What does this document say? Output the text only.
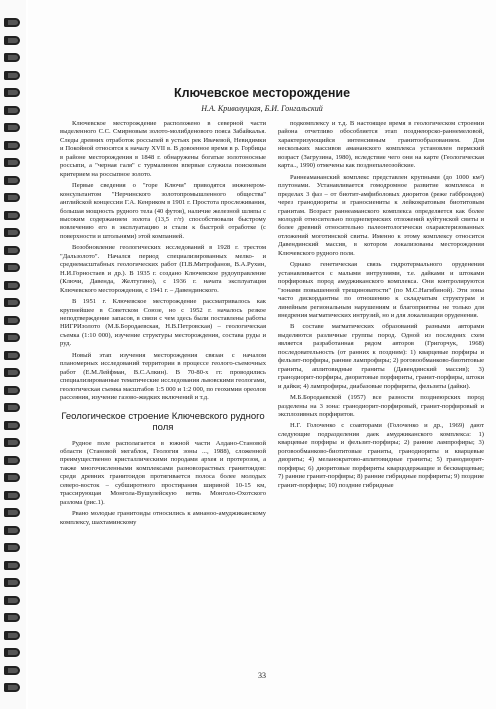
Ключевское месторождение
Н.А. Криволуцкая, Б.И. Гонгальский

Ключевское месторождение расположено в северной части выделенного С.С. Смирновым золото-молибденового пояса Забайкалья. Следы древних отработок россыпей в устьях рек Ивачевой, Невидимки и Покойной относятся к началу XVII в. В довоенное время в р. Горбицы в районе месторождения в 1848 г. обнаружены богатые золотоносные россыпи, а "черная галя" с турмалином впервые служила поисковым критерием на россыпное золото.

Первые сведения о "горе Ключи" приводятся инженером-консультантом "Нерчинского золотопромышленного общества" английской концессии Г.А. Кенриком в 1901 г. Простота прослеживания, большая мощность рудного тела (40 футов), наличие железной шляпы с высоким содержанием золота (13,5 г/т) способствовали быстрому вовлечению его в эксплуатацию и стали к быстрой отработке (с поверхности и штольнями) этой компанией.

Возобновление геологических исследований в 1928 г. трестом "Дальзолото". Начался период специализированных мелко- и среднемасштабных геологических работ (П.В.Митрофанов, В.А.Рухин, Н.И.Горностаев и др.). В 1935 г. создано Ключевское рудоуправление (Ключи, Давенда, Желтугино), с 1936 г. начата эксплуатация Ключевского месторождения, с 1941 г. – Давендинского.

В 1951 г. Ключевское месторождение рассматривалось как крупнейшее в Советском Союзе, но с 1952 г. началось резкое неподтверждение запасов, в связи с чем здесь были поставлены работы НИГРИзолото (М.Б.Бородаевская, Н.В.Петровская) – геологическая съемка (1:10 000), изучение структуры месторождения, состава руды и руд.

Новый этап изучения месторождения связан с началом планомерных исследований территории в процессе геолого-съемочных работ (Е.М.Лейфман, В.С.Алкин). В 70-80-х гг. проводились специализированные тематические исследования львовскими геологами, геологическая съемка масштабов 1:5 000 и 1:2 000, по геохимии ореолов рассеяния, изучение газово-жидких включений и т.д.

Геологическое строение Ключевского рудного поля

Рудное поле располагается в южной части Алдано-Становой области (Становой мегаблок, Геология зоны ..., 1988), сложенной преимущественно кристаллическими породами архея и протерозоя, а также многочисленными комплексами разновозрастных гранитоидов: среди древних гранитоидов протягивается полоса более молодых северо-восток – субширотного простирания шириной 10-15 км, трассирующая Монгола-Вушулейскую ветвь Монголо-Охотского разлома (рис.1).

Рвано молодые гранитоиды относились к амнаноо-амуджиканскому комплексу, шахтаминскому

подкомплексу и т.д. В настоящее время в геологическом строении района отчетливо обособляется этап позднеюрско-раннемеловой, характеризующийся интенсивным гранитообразованием. Для нескольких массивов амананского комплекса установлен пермский возраст (Загрузина, 1980), вследствие чего они на карте (Геологическая карта.., 1990) отмечены как позднепалеозойские.

Раннеамананский комплекс представлен крупными (до 1000 км²) плутонами. Устанавливается гомодромное развитие комплекса в пределах 3 фаз – от биотит-амфиболовых диоритов (реже габброидов) через гранодиориты и граносиениты к лейкократовым биотитовым гранитам. Возраст раннеаманского комплекса определяется как более молодой относительно позднепермских отложений куйтунской свиты и более древний относительно палеонтологически охарактеризованных отложений моготинской свиты. Именно к этому комплексу относится Давендинский массив, в котором локализованы месторождения Ключевского рудного поля.

Однако генетическая связь гидротермального оруденения устанавливается с малыми интрузиями, т.е. дайками и штоками порфировых пород амуджиканского комплекса. Они контролируются "зонами повышенной трещиноватости" (по М.С.Нагибиной). Эти зоны часто дискордантны по отношению к складчатым структурам и линейным региональным нарушениям и благоприятны не только для внедрения магматических интрузий, но и для локализации оруденения.

В составе магматических образований разными авторами выделяются различные группы пород. Одной из последних схем является разработанная рядом авторов (Григорчук, 1968) последовательность (от ранних к поздним): 1) кварцевые порфиры и фельзит-порфиры, ранние лампрофиры; 2) роговообманково-биотитовые граниты, аплитовидные граниты (Давендинский массив); 3) гранодиорит-порфиры, диоритовые порфириты, гранит-порфиры, штоки и дайки; 4) лампрофиры, диабазовые порфириты, фельзиты (дайки).

М.Б.Бородаевской (1957) все разности позднеюрских пород разделены на 3 зона: гранодиорит-порфировый, гранит-порфировый и эксплозивных порфиритов.

Н.Г. Голоченко с соавторами (Голоченко и др., 1969) дают следующие подразделения даек амуджиканского комплекса: 1) кварцевые порфиры и фельзит-порфиры; 2) ранние лампрофиры; 3) роговообманково-биотитовые граниты, гранодиориты и кварцевые диориты; 4) меланократово-аплитовидные граниты; 5) гранодиорит-порфиры; 6) диоритовые порфириты кварцодержащие и бескварцевые; 7) ранние гранит-порфиры; 8) ранние гибридные порфириты; 9) поздние гранит-порфиры; 10) поздние гибридные

33
